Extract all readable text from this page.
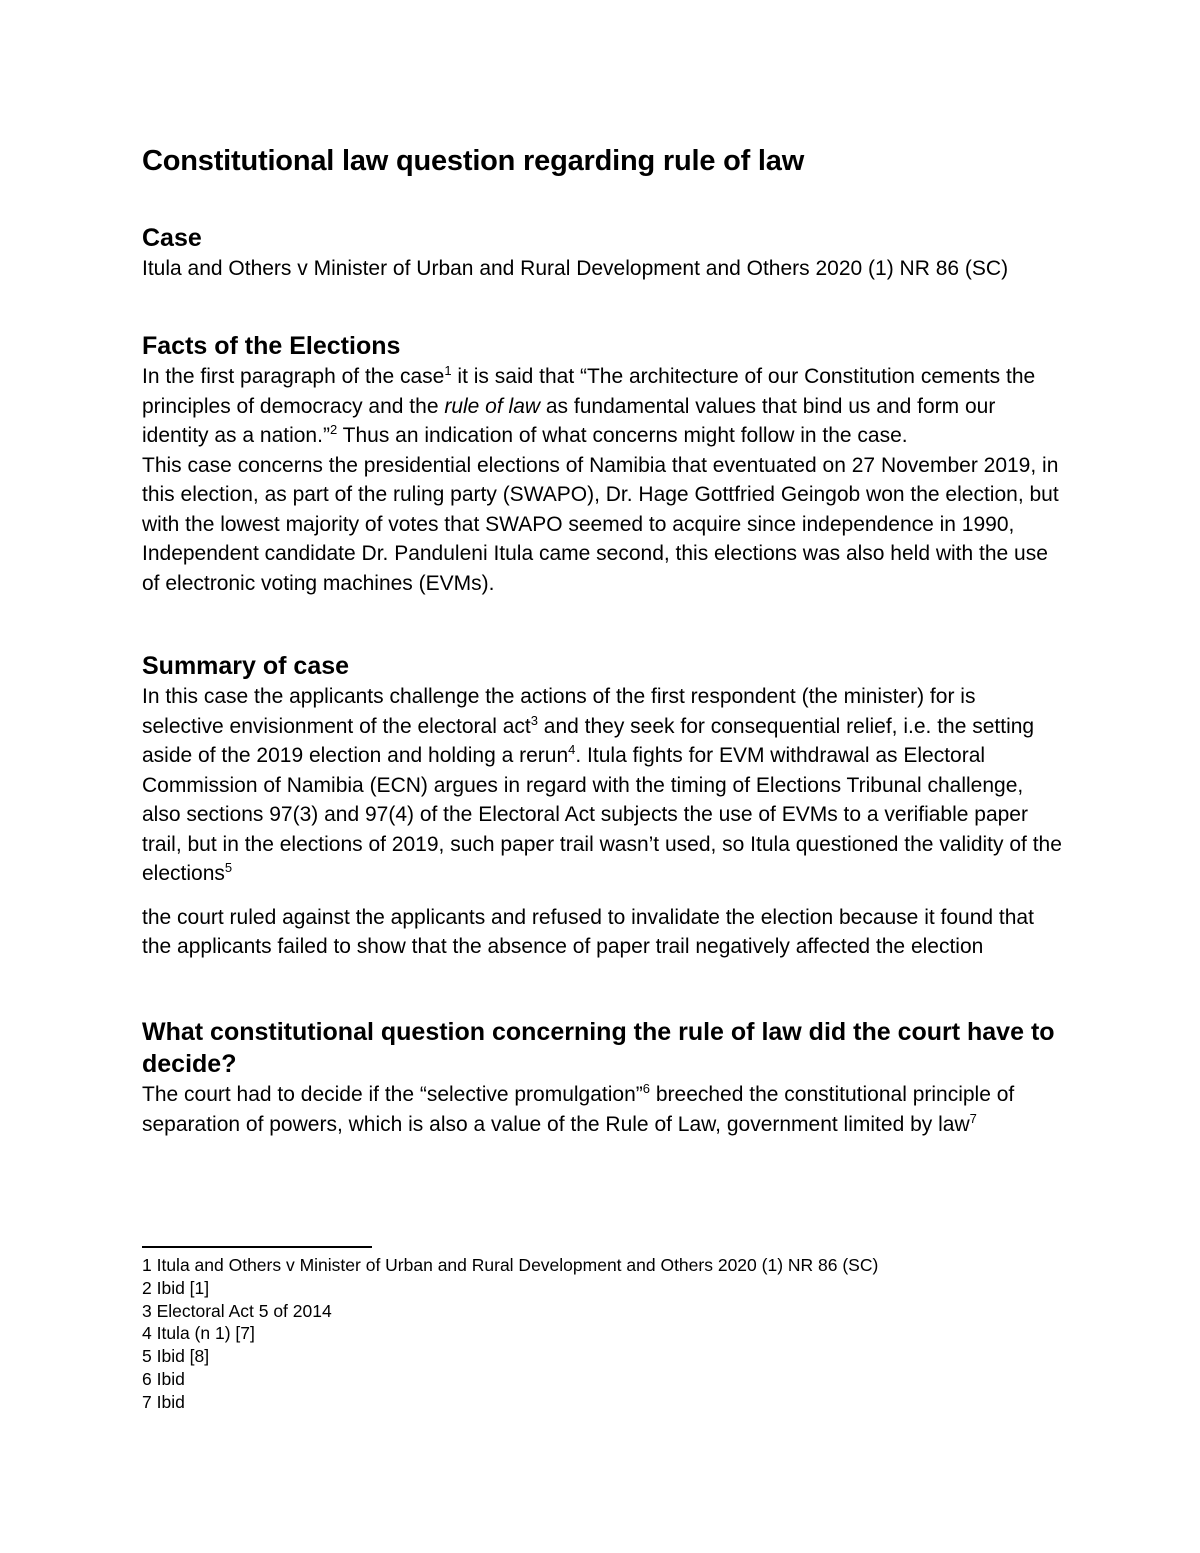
Constitutional law question regarding rule of law
Case

Itula and Others v Minister of Urban and Rural Development and Others 2020 (1) NR 86 (SC)

Facts of the Elections

In the first paragraph of the case$^1$ it is said that “The architecture of our Constitution cements the principles of democracy and the rule of law as fundamental values that bind us and form our identity as a nation.”$^2$ Thus an indication of what concerns might follow in the case.

This case concerns the presidential elections of Namibia that eventuated on 27 November 2019, in this election, as part of the ruling party (SWAPO), Dr. Hage Gottfried Geingob won the election, but with the lowest majority of votes that SWAPO seemed to acquire since independence in 1990, Independent candidate Dr. Panduleni Itula came second, this elections was also held with the use of electronic voting machines (EVMs).

Summary of case

In this case the applicants challenge the actions of the first respondent (the minister) for is selective envisionment of the electoral act$^3$ and they seek for consequential relief, i.e. the setting aside of the 2019 election and holding a rerun$^4$. Itula fights for EVM withdrawal as Electoral Commission of Namibia (ECN) argues in regard with the timing of Elections Tribunal challenge, also sections 97(3) and 97(4) of the Electoral Act subjects the use of EVMs to a verifiable paper trail, but in the elections of 2019, such paper trail wasn’t used, so Itula questioned the validity of the elections$^5$

the court ruled against the applicants and refused to invalidate the election because it found that the applicants failed to show that the absence of paper trail negatively affected the election

What constitutional question concerning the rule of law did the court have to decide?

The court had to decide if the “selective promulgation”$^6$ breeched the constitutional principle of separation of powers, which is also a value of the Rule of Law, government limited by law$^7$

1 Itula and Others v Minister of Urban and Rural Development and Others 2020 (1) NR 86 (SC)
2 Ibid [1]
3 Electoral Act 5 of 2014
4 Itula (n 1) [7]
5 Ibid [8]
6 Ibid
7 Ibid
